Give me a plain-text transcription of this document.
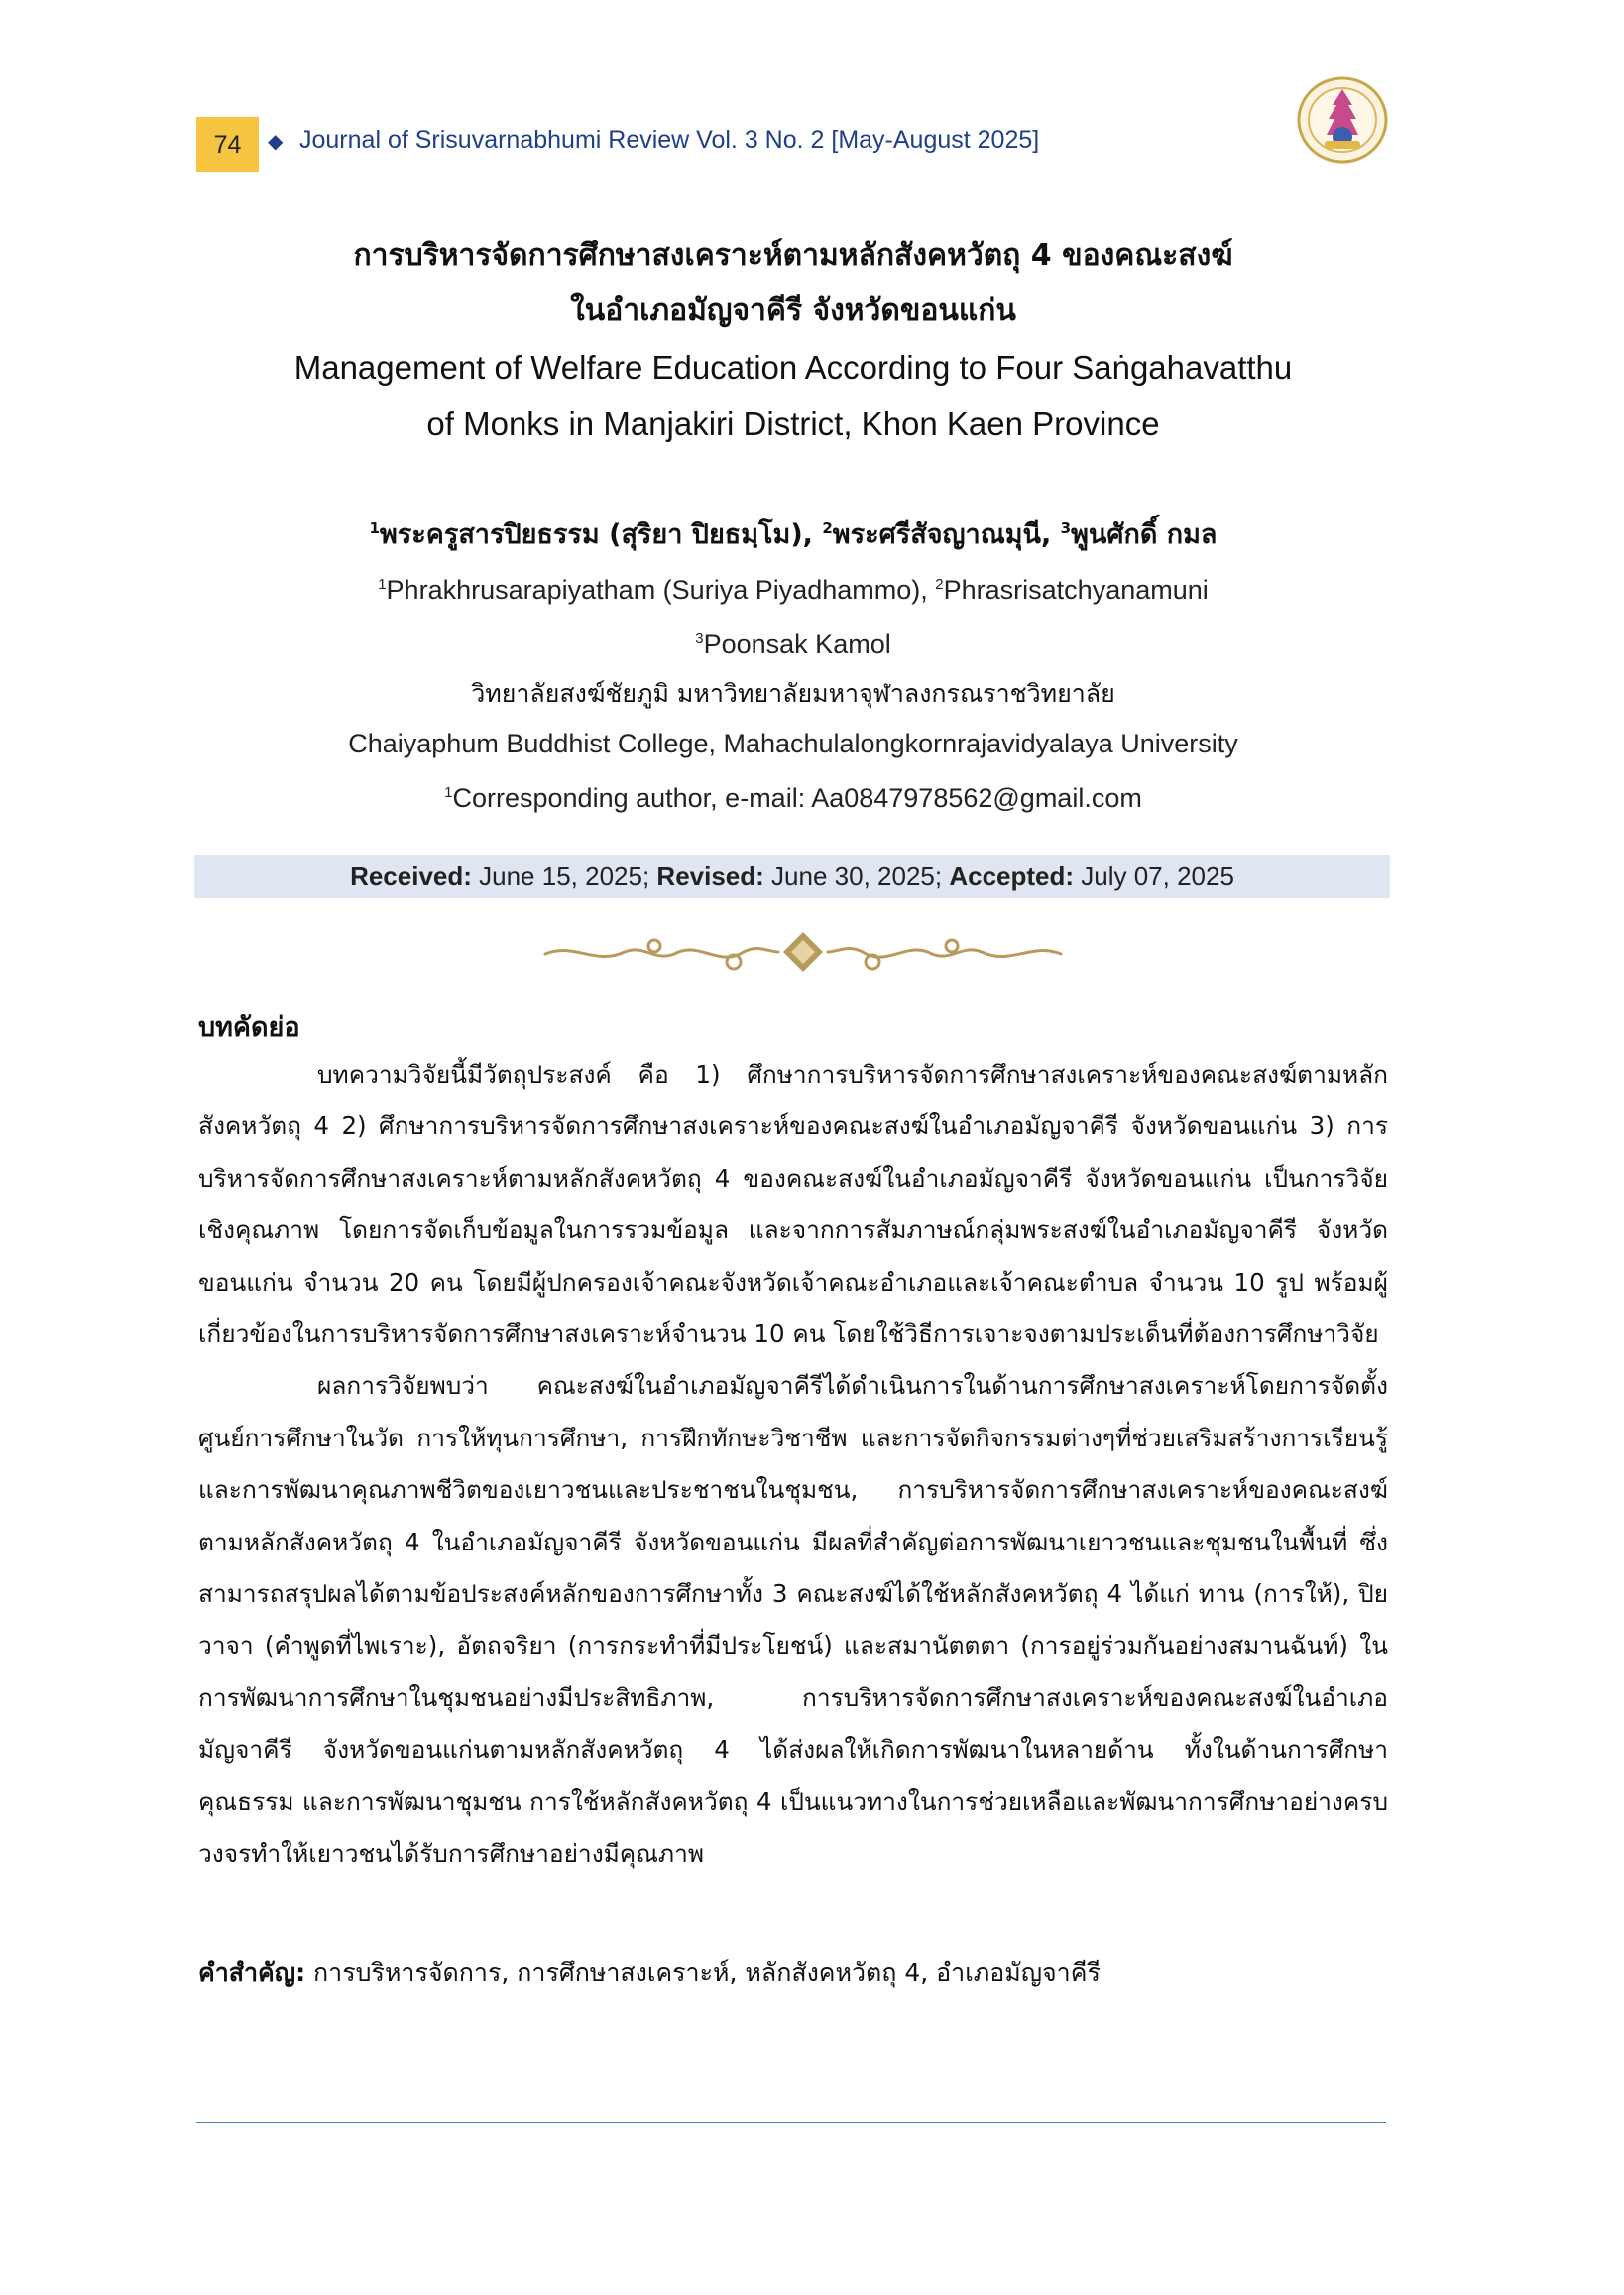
74 ◆ Journal of Srisuvarnabhumi Review Vol. 3 No. 2 [May-August 2025]
การบริหารจัดการศึกษาสงเคราะห์ตามหลักสังคหวัตถุ 4 ของคณะสงฆ์
ในอำเภอมัญจาคีรี จังหวัดขอนแก่น
Management of Welfare Education According to Four Saṅgahavatthu
of Monks in Manjakiri District, Khon Kaen Province
$^1$พระครูสารปิยธรรม (สุริยา ปิยธมฺโม), $^2$พระศรีสัจญาณมุนี, $^3$พูนศักดิ์ กมล
$^1$Phrakhrusarapiyatham (Suriya Piyadhammo), $^2$Phrasrisatchyanamuni
$^3$Poonsak Kamol
วิทยาลัยสงฆ์ชัยภูมิ มหาวิทยาลัยมหาจุฬาลงกรณราชวิทยาลัย
Chaiyaphum Buddhist College, Mahachulalongkornrajavidyalaya University
$^1$Corresponding author, e-mail: Aa0847978562@gmail.com
Received: June 15, 2025; Revised: June 30, 2025; Accepted: July 07, 2025
บทคัดย่อ

บทความวิจัยนี้มีวัตถุประสงค์ คือ 1) ศึกษาการบริหารจัดการศึกษาสงเคราะห์ของคณะสงฆ์ตามหลักสังคหวัตถุ 4 2) ศึกษาการบริหารจัดการศึกษาสงเคราะห์ของคณะสงฆ์ในอำเภอมัญจาคีรี จังหวัดขอนแก่น 3) การบริหารจัดการศึกษาสงเคราะห์ตามหลักสังคหวัตถุ 4 ของคณะสงฆ์ในอำเภอมัญจาคีรี จังหวัดขอนแก่น เป็นการวิจัยเชิงคุณภาพ โดยการจัดเก็บข้อมูลในการรวมข้อมูล และจากการสัมภาษณ์กลุ่มพระสงฆ์ในอำเภอมัญจาคีรี จังหวัดขอนแก่น จำนวน 20 คน โดยมีผู้ปกครองเจ้าคณะจังหวัดเจ้าคณะอำเภอและเจ้าคณะตำบล จำนวน 10 รูป พร้อมผู้เกี่ยวข้องในการบริหารจัดการศึกษาสงเคราะห์จำนวน 10 คน โดยใช้วิธีการเจาะจงตามประเด็นที่ต้องการศึกษาวิจัย

ผลการวิจัยพบว่า คณะสงฆ์ในอำเภอมัญจาคีรีได้ดำเนินการในด้านการศึกษาสงเคราะห์โดยการจัดตั้งศูนย์การศึกษาในวัด การให้ทุนการศึกษา, การฝึกทักษะวิชาชีพ และการจัดกิจกรรมต่างๆที่ช่วยเสริมสร้างการเรียนรู้และการพัฒนาคุณภาพชีวิตของเยาวชนและประชาชนในชุมชน, การบริหารจัดการศึกษาสงเคราะห์ของคณะสงฆ์ตามหลักสังคหวัตถุ 4 ในอำเภอมัญจาคีรี จังหวัดขอนแก่น มีผลที่สำคัญต่อการพัฒนาเยาวชนและชุมชนในพื้นที่ ซึ่งสามารถสรุปผลได้ตามข้อประสงค์หลักของการศึกษาทั้ง 3 คณะสงฆ์ได้ใช้หลักสังคหวัตถุ 4 ได้แก่ ทาน (การให้), ปิยวาจา (คำพูดที่ไพเราะ), อัตถจริยา (การกระทำที่มีประโยชน์) และสมานัตตตา (การอยู่ร่วมกันอย่างสมานฉันท์) ในการพัฒนาการศึกษาในชุมชนอย่างมีประสิทธิภาพ, การบริหารจัดการศึกษาสงเคราะห์ของคณะสงฆ์ในอำเภอมัญจาคีรี จังหวัดขอนแก่นตามหลักสังคหวัตถุ 4 ได้ส่งผลให้เกิดการพัฒนาในหลายด้าน ทั้งในด้านการศึกษา คุณธรรม และการพัฒนาชุมชน การใช้หลักสังคหวัตถุ 4 เป็นแนวทางในการช่วยเหลือและพัฒนาการศึกษาอย่างครบวงจรทำให้เยาวชนได้รับการศึกษาอย่างมีคุณภาพ

คำสำคัญ: การบริหารจัดการ, การศึกษาสงเคราะห์, หลักสังคหวัตถุ 4, อำเภอมัญจาคีรี
